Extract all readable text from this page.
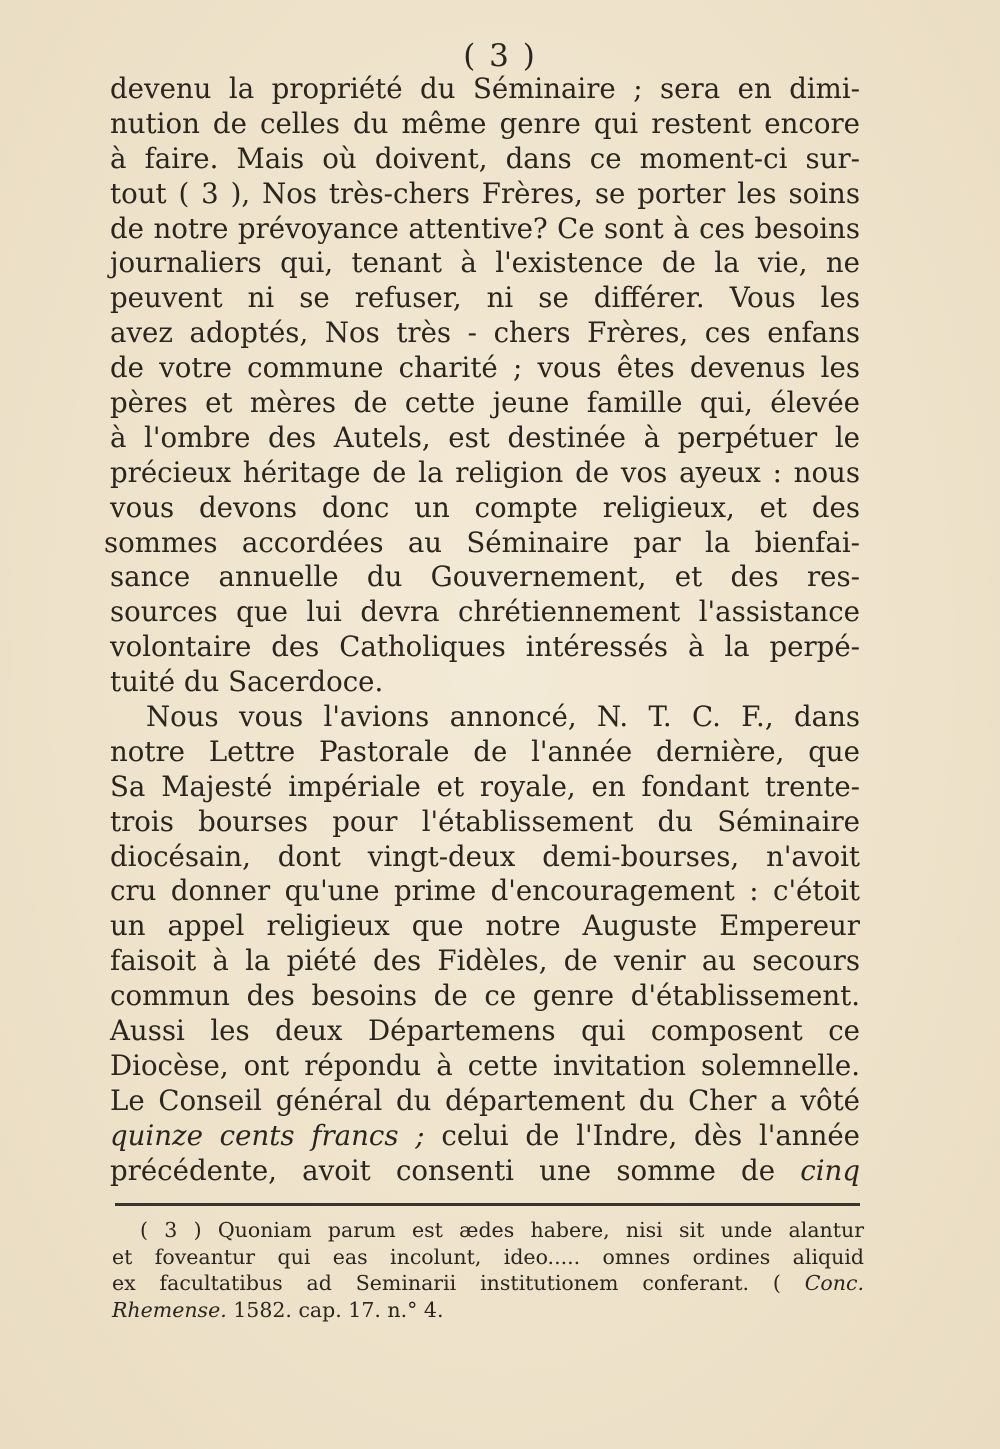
( 3 )
devenu la propriété du Séminaire ; sera en dimi-
nution de celles du même genre qui restent encore
à faire. Mais où doivent, dans ce moment-ci sur-
tout ( 3 ), Nos très-chers Frères, se porter les soins
de notre prévoyance attentive? Ce sont à ces besoins
journaliers qui, tenant à l'existence de la vie, ne
peuvent ni se refuser, ni se différer. Vous les
avez adoptés, Nos très - chers Frères, ces enfans
de votre commune charité ; vous êtes devenus les
pères et mères de cette jeune famille qui, élevée
à l'ombre des Autels, est destinée à perpétuer le
précieux héritage de la religion de vos ayeux : nous
vous devons donc un compte religieux, et des
sommes accordées au Séminaire par la bienfai-
sance annuelle du Gouvernement, et des res-
sources que lui devra chrétiennement l'assistance
volontaire des Catholiques intéressés à la perpé-
tuité du Sacerdoce.
Nous vous l'avions annoncé, N. T. C. F., dans
notre Lettre Pastorale de l'année dernière, que
Sa Majesté impériale et royale, en fondant trente-
trois bourses pour l'établissement du Séminaire
diocésain, dont vingt-deux demi-bourses, n'avoit
cru donner qu'une prime d'encouragement : c'étoit
un appel religieux que notre Auguste Empereur
faisoit à la piété des Fidèles, de venir au secours
commun des besoins de ce genre d'établissement.
Aussi les deux Départemens qui composent ce
Diocèse, ont répondu à cette invitation solemnelle.
Le Conseil général du département du Cher a vôté
quinze cents francs ; celui de l'Indre, dès l'année
précédente, avoit consenti une somme de cinq
( 3 ) Quoniam parum est ædes habere, nisi sit unde alantur
et foveantur qui eas incolunt, ideo..... omnes ordines aliquid
ex facultatibus ad Seminarii institutionem conferant. ( Conc.
Rhemense. 1582. cap. 17. n.° 4.
